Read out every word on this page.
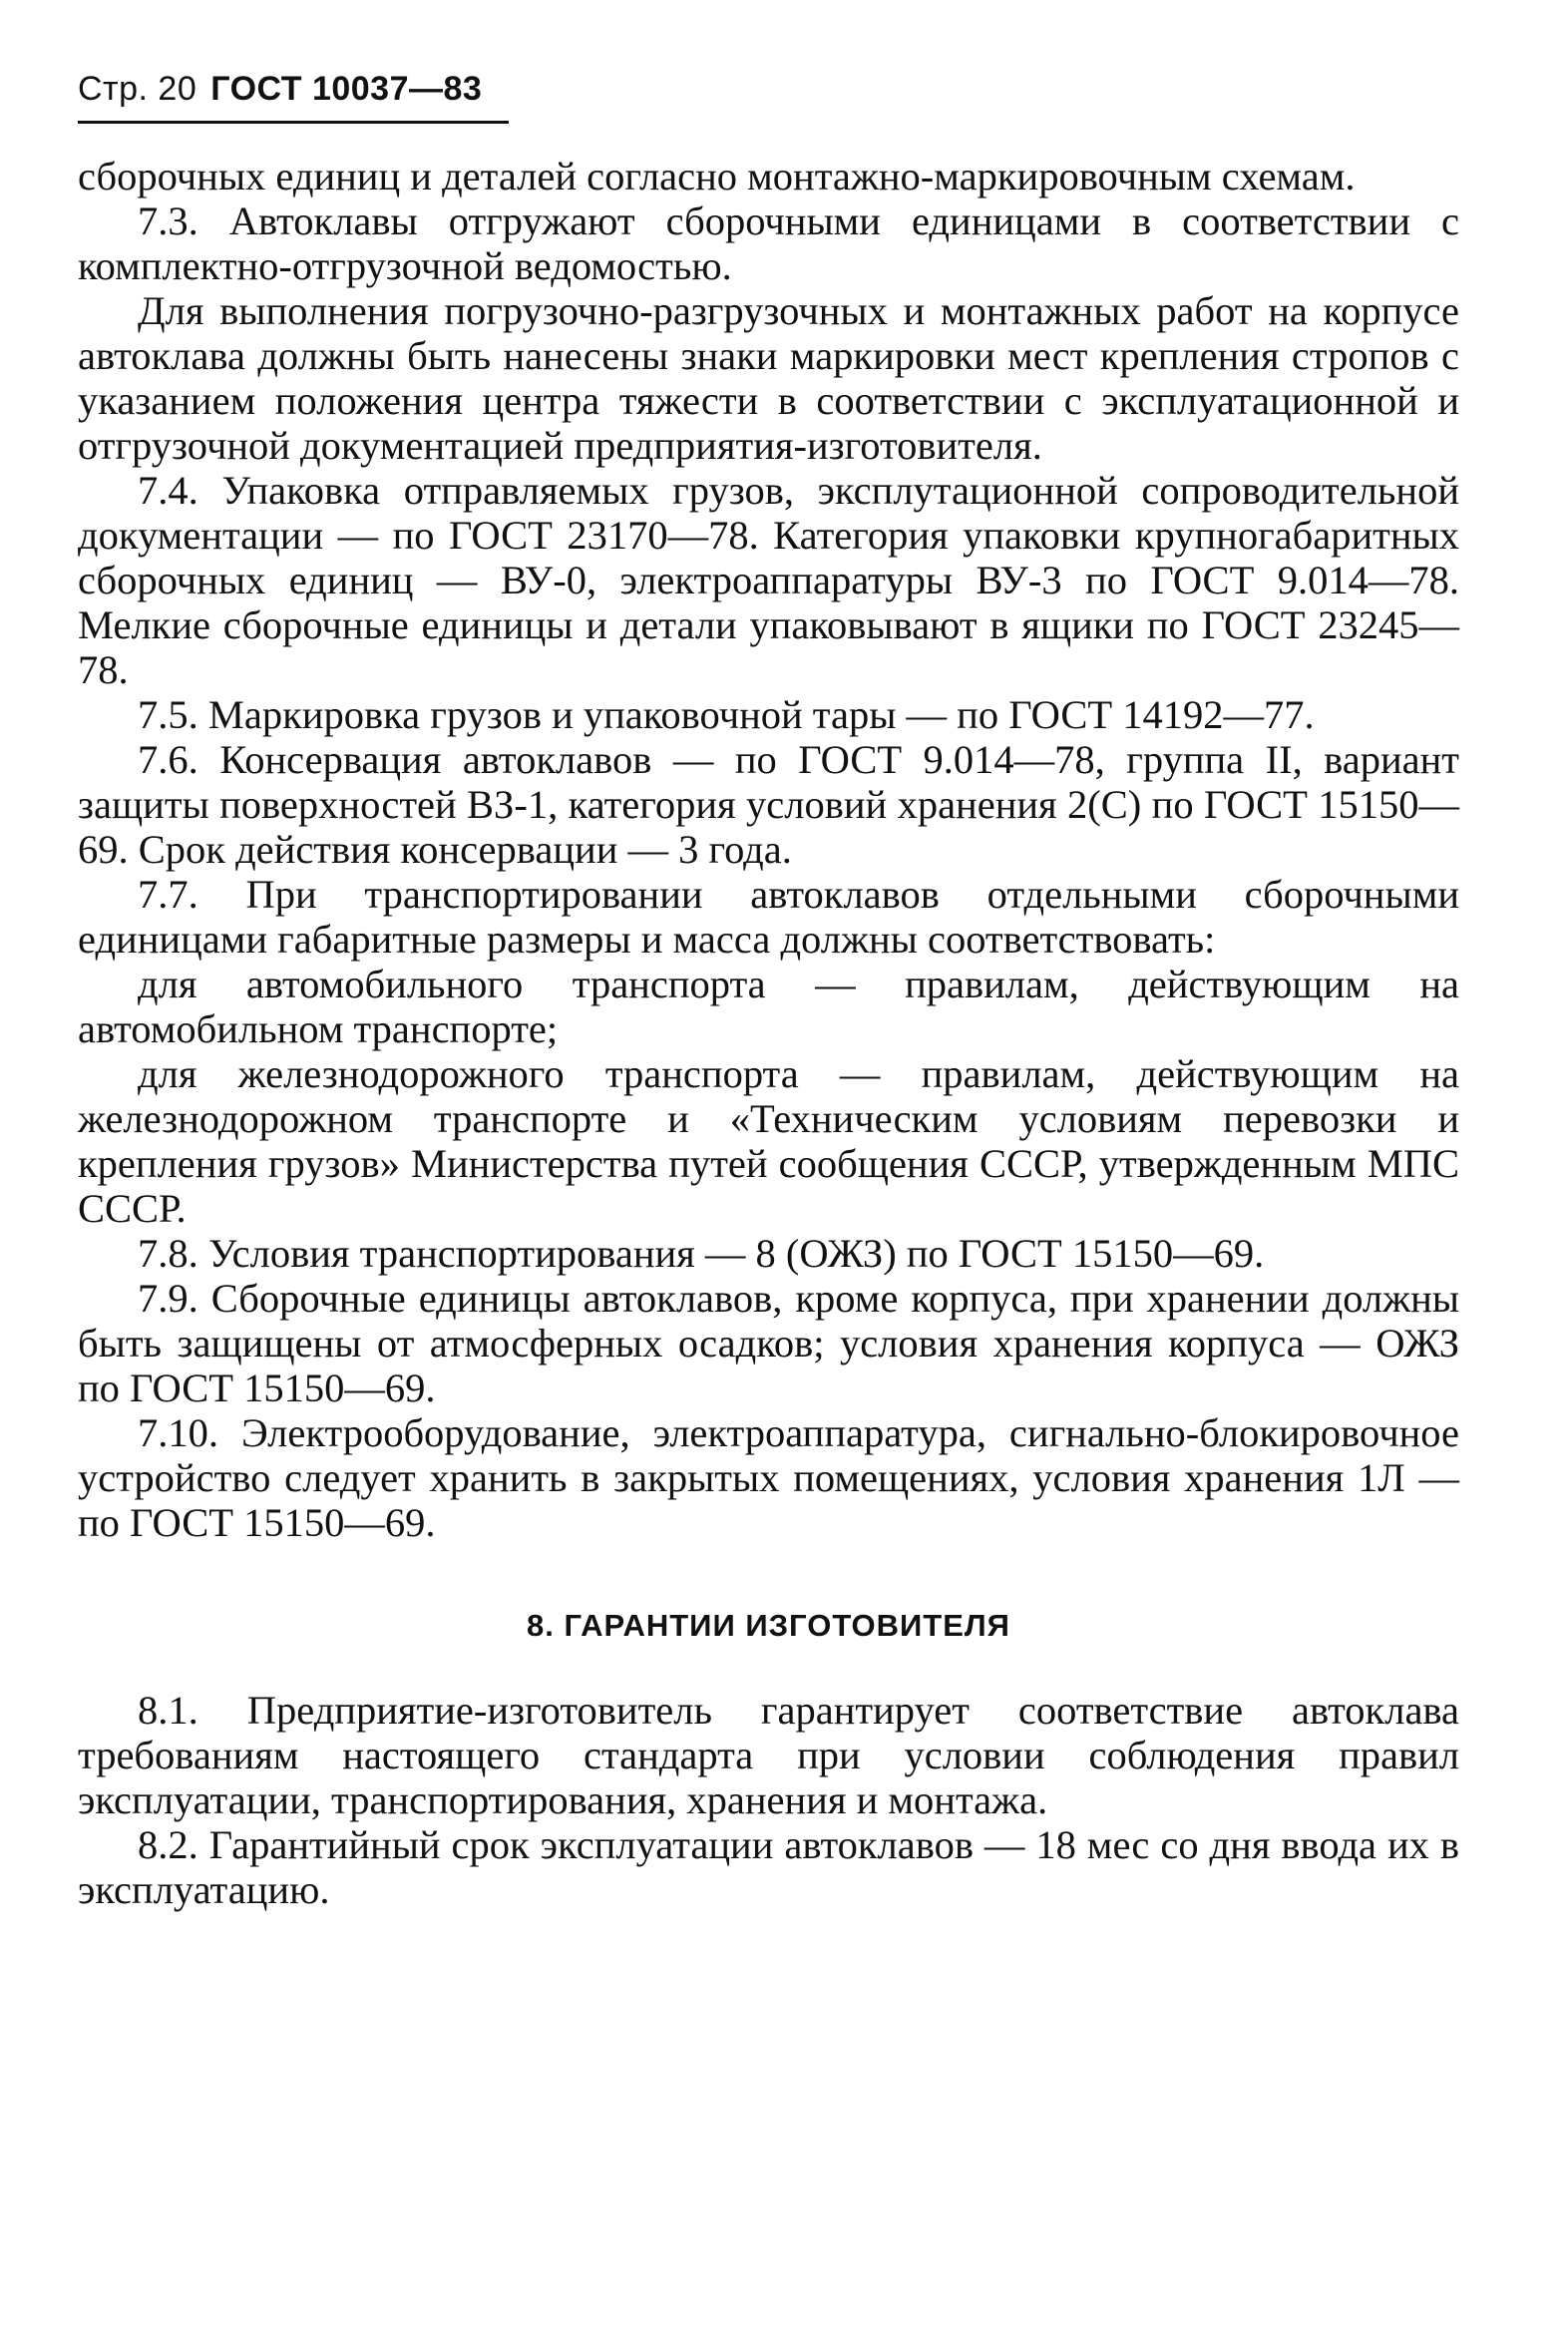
Стр. 20 ГОСТ 10037—83

сборочных единиц и деталей согласно монтажно-маркировочным схемам.

7.3. Автоклавы отгружают сборочными единицами в соответствии с комплектно-отгрузочной ведомостью.

Для выполнения погрузочно-разгрузочных и монтажных работ на корпусе автоклава должны быть нанесены знаки маркировки мест крепления стропов с указанием положения центра тяжести в соответствии с эксплуатационной и отгрузочной документацией предприятия-изготовителя.

7.4. Упаковка отправляемых грузов, эксплутационной сопроводительной документации — по ГОСТ 23170—78. Категория упаковки крупногабаритных сборочных единиц — ВУ-0, электроаппаратуры ВУ-3 по ГОСТ 9.014—78. Мелкие сборочные единицы и детали упаковывают в ящики по ГОСТ 23245—78.

7.5. Маркировка грузов и упаковочной тары — по ГОСТ 14192—77.

7.6. Консервация автоклавов — по ГОСТ 9.014—78, группа II, вариант защиты поверхностей ВЗ-1, категория условий хранения 2(С) по ГОСТ 15150—69. Срок действия консервации — 3 года.

7.7. При транспортировании автоклавов отдельными сборочными единицами габаритные размеры и масса должны соответствовать:

для автомобильного транспорта — правилам, действующим на автомобильном транспорте;

для железнодорожного транспорта — правилам, действующим на железнодорожном транспорте и «Техническим условиям перевозки и крепления грузов» Министерства путей сообщения СССР, утвержденным МПС СССР.

7.8. Условия транспортирования — 8 (ОЖЗ) по ГОСТ 15150—69.

7.9. Сборочные единицы автоклавов, кроме корпуса, при хранении должны быть защищены от атмосферных осадков; условия хранения корпуса — ОЖЗ по ГОСТ 15150—69.

7.10. Электрооборудование, электроаппаратура, сигнально-блокировочное устройство следует хранить в закрытых помещениях, условия хранения 1Л — по ГОСТ 15150—69.

8. ГАРАНТИИ ИЗГОТОВИТЕЛЯ

8.1. Предприятие-изготовитель гарантирует соответствие автоклава требованиям настоящего стандарта при условии соблюдения правил эксплуатации, транспортирования, хранения и монтажа.

8.2. Гарантийный срок эксплуатации автоклавов — 18 мес со дня ввода их в эксплуатацию.
